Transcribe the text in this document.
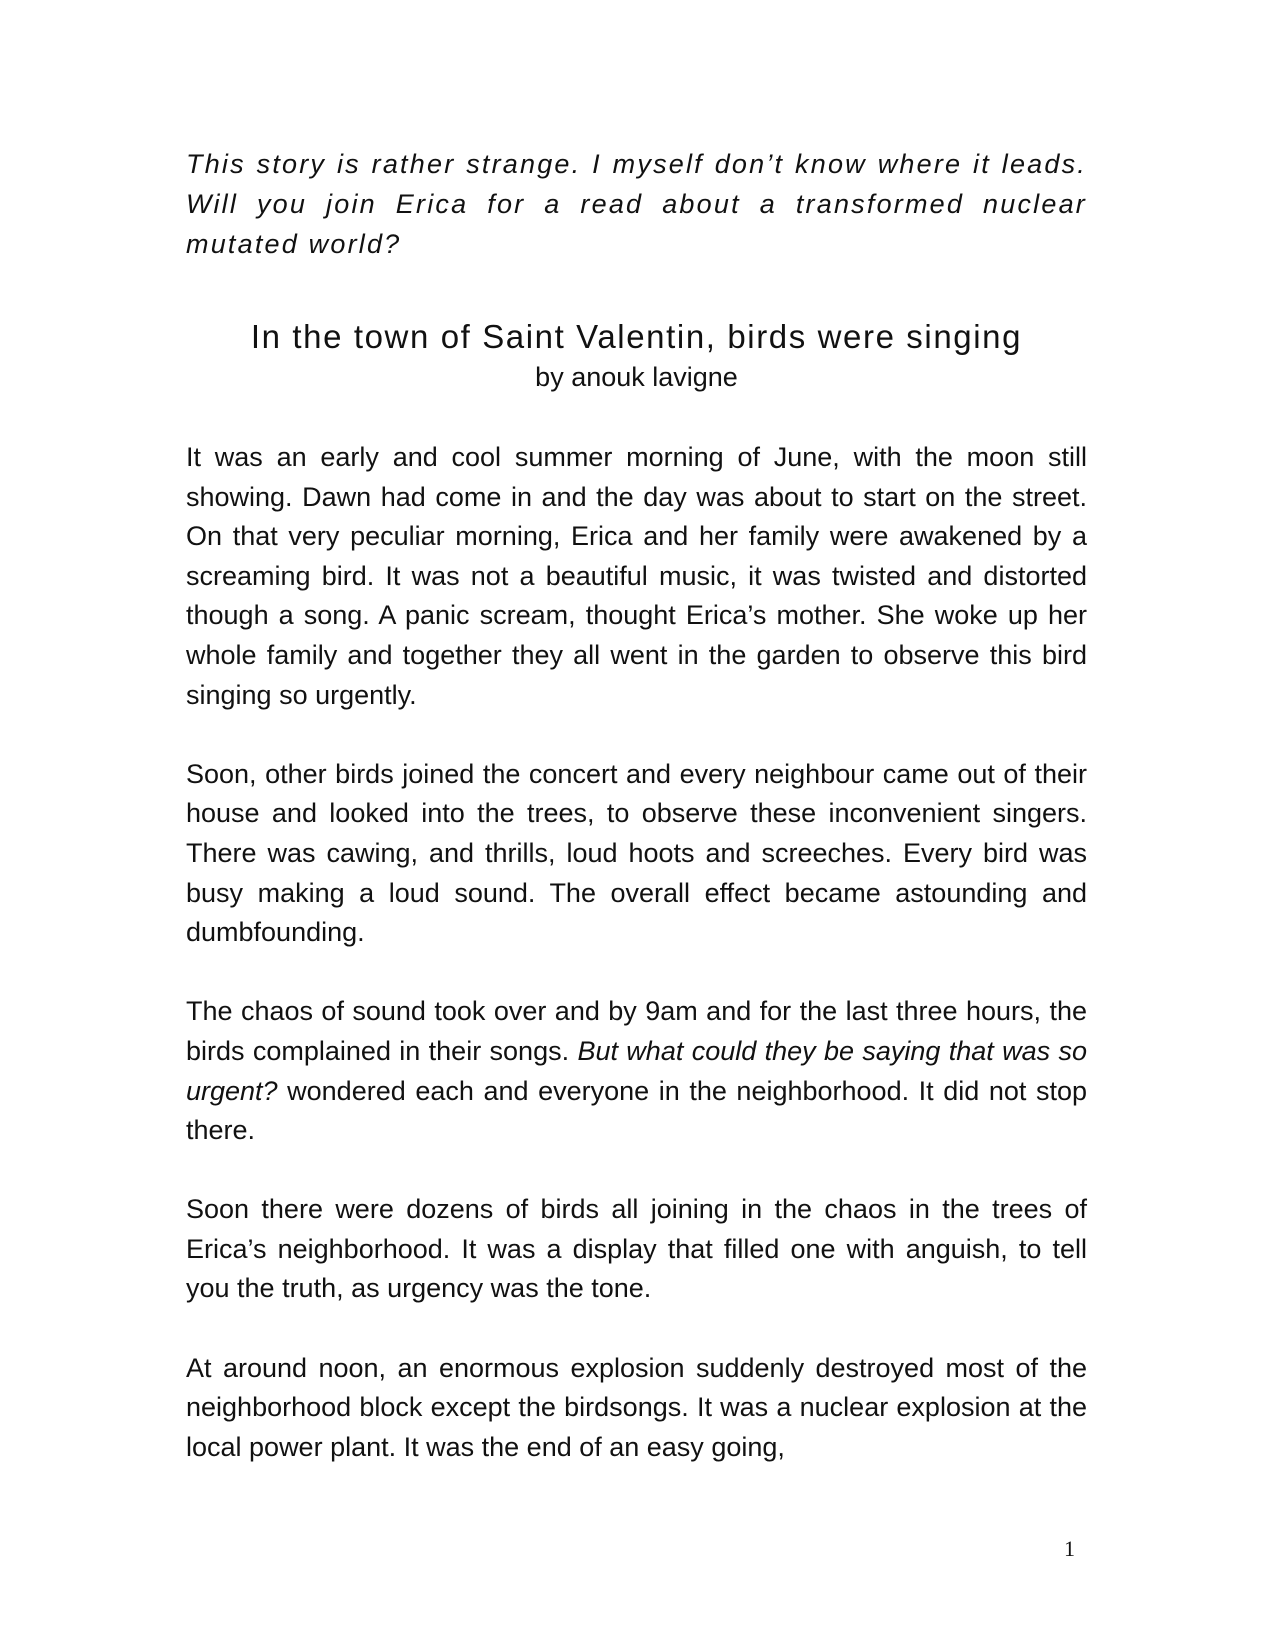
This story is rather strange. I myself don’t know where it leads. Will you join Erica for a read about a transformed nuclear mutated world?

In the town of Saint Valentin, birds were singing
by anouk lavigne

It was an early and cool summer morning of June, with the moon still showing. Dawn had come in and the day was about to start on the street. On that very peculiar morning, Erica and her family were awakened by a screaming bird. It was not a beautiful music, it was twisted and distorted though a song. A panic scream, thought Erica’s mother. She woke up her whole family and together they all went in the garden to observe this bird singing so urgently.

Soon, other birds joined the concert and every neighbour came out of their house and looked into the trees, to observe these inconvenient singers. There was cawing, and thrills, loud hoots and screeches. Every bird was busy making a loud sound. The overall effect became astounding and dumbfounding.

The chaos of sound took over and by 9am and for the last three hours, the birds complained in their songs. But what could they be saying that was so urgent? wondered each and everyone in the neighborhood. It did not stop there.

Soon there were dozens of birds all joining in the chaos in the trees of Erica’s neighborhood. It was a display that filled one with anguish, to tell you the truth, as urgency was the tone.

At around noon, an enormous explosion suddenly destroyed most of the neighborhood block except the birdsongs. It was a nuclear explosion at the local power plant. It was the end of an easy going,

1
